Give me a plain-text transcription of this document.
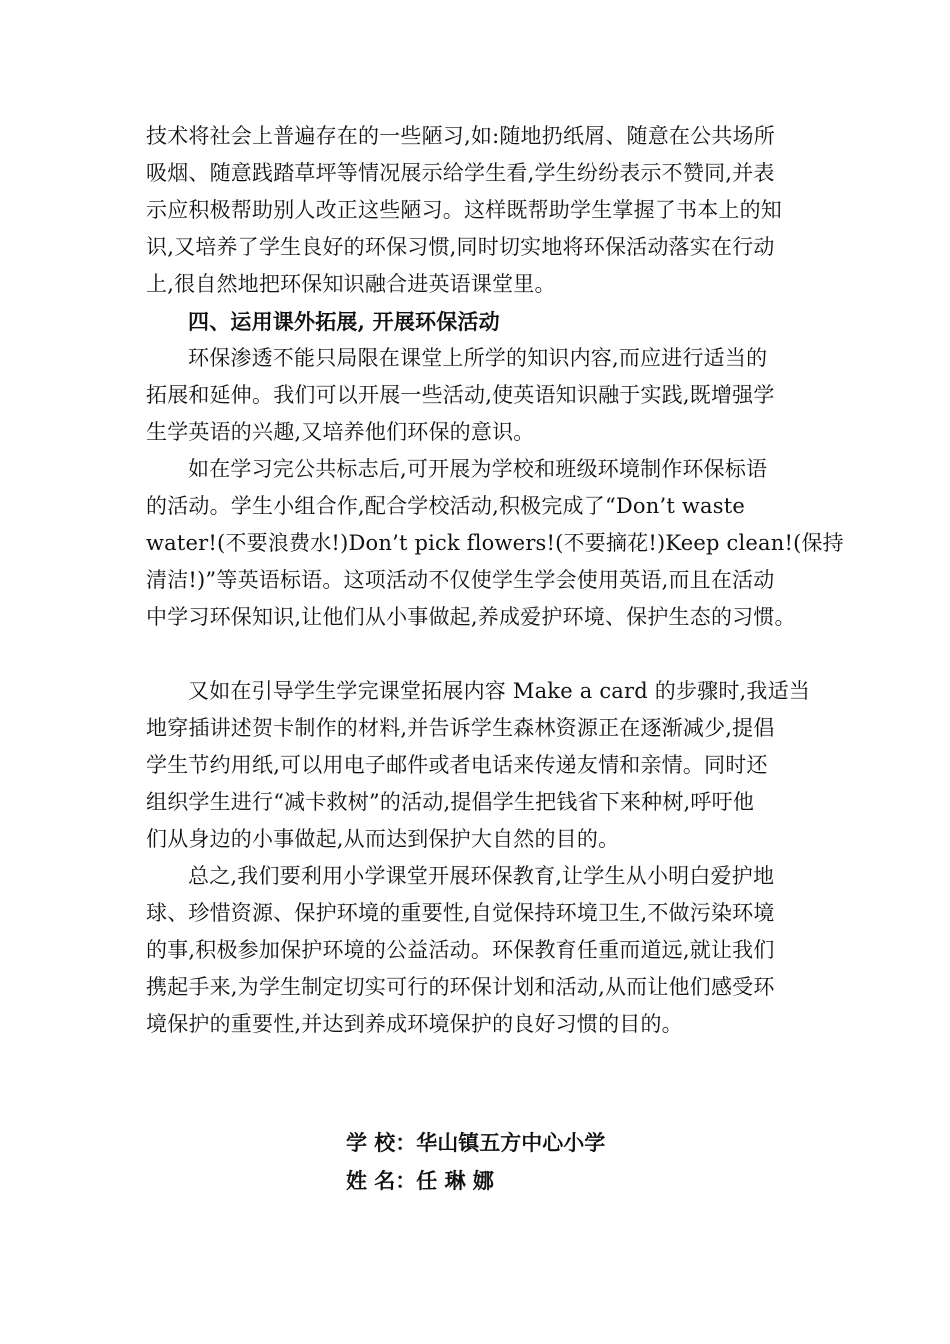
技术将社会上普遍存在的一些陋习,如:随地扔纸屑、随意在公共场所
吸烟、随意践踏草坪等情况展示给学生看,学生纷纷表示不赞同,并表
示应积极帮助别人改正这些陋习。这样既帮助学生掌握了书本上的知
识,又培养了学生良好的环保习惯,同时切实地将环保活动落实在行动
上,很自然地把环保知识融合进英语课堂里。
四、运用课外拓展, 开展环保活动
环保渗透不能只局限在课堂上所学的知识内容,而应进行适当的
拓展和延伸。我们可以开展一些活动,使英语知识融于实践,既增强学
生学英语的兴趣,又培养他们环保的意识。
如在学习完公共标志后,可开展为学校和班级环境制作环保标语
的活动。学生小组合作,配合学校活动,积极完成了“Don’t waste
water!(不要浪费水!)Don’t pick flowers!(不要摘花!)Keep clean!(保持
清洁!)”等英语标语。这项活动不仅使学生学会使用英语,而且在活动
中学习环保知识,让他们从小事做起,养成爱护环境、保护生态的习惯。
又如在引导学生学完课堂拓展内容 Make a card 的步骤时,我适当
地穿插讲述贺卡制作的材料,并告诉学生森林资源正在逐渐减少,提倡
学生节约用纸,可以用电子邮件或者电话来传递友情和亲情。同时还
组织学生进行“减卡救树”的活动,提倡学生把钱省下来种树,呼吁他
们从身边的小事做起,从而达到保护大自然的目的。
总之,我们要利用小学课堂开展环保教育,让学生从小明白爱护地
球、珍惜资源、保护环境的重要性,自觉保持环境卫生,不做污染环境
的事,积极参加保护环境的公益活动。环保教育任重而道远,就让我们
携起手来,为学生制定切实可行的环保计划和活动,从而让他们感受环
境保护的重要性,并达到养成环境保护的良好习惯的目的。
学 校：华山镇五方中心小学
姓 名：任 琳 娜
